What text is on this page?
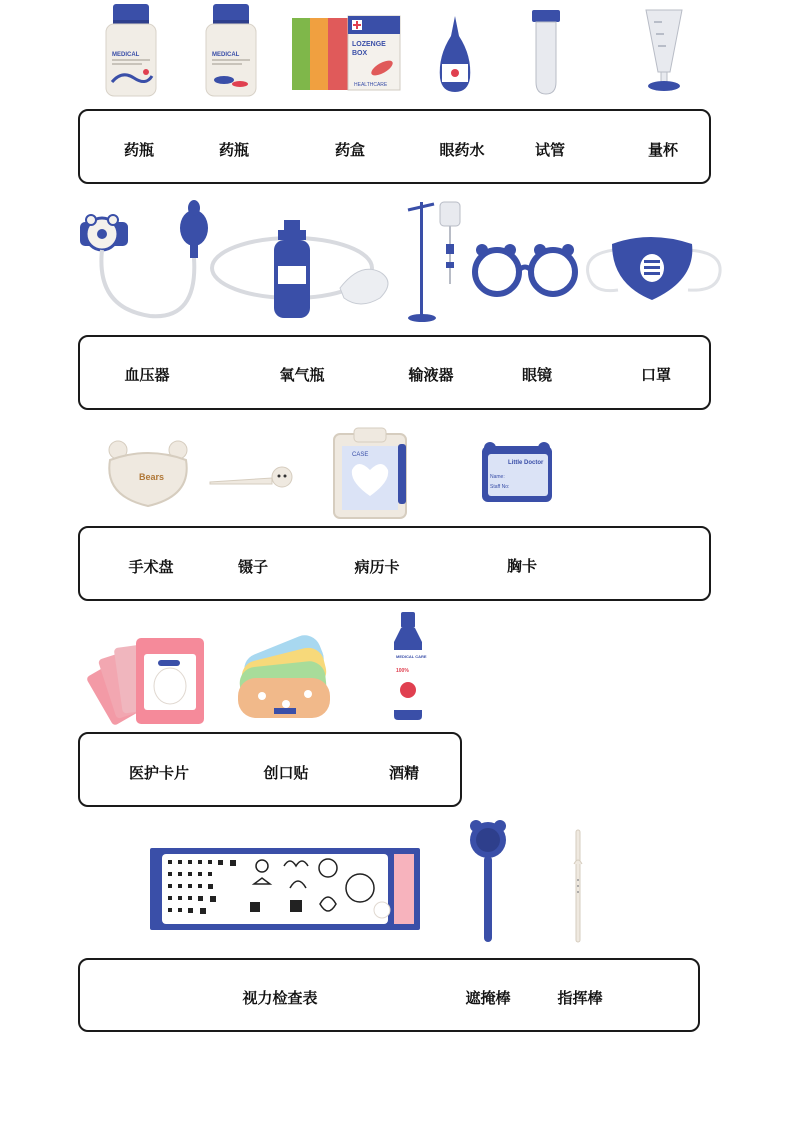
MEDICAL	MEDICAL
LOZENGE
BOX
HEALTHCARE
药瓶	药瓶	药盒	眼药水	试管	量杯
血压器	氧气瓶	输液器	眼镜	口罩
Bears
CASE
Little Doctor
Name:
Staff No:
手术盘	镊子	病历卡	胸卡
MEDICAL CARE
100%
医护卡片	创口贴	酒精
视力检查表	遮掩棒	指挥棒
